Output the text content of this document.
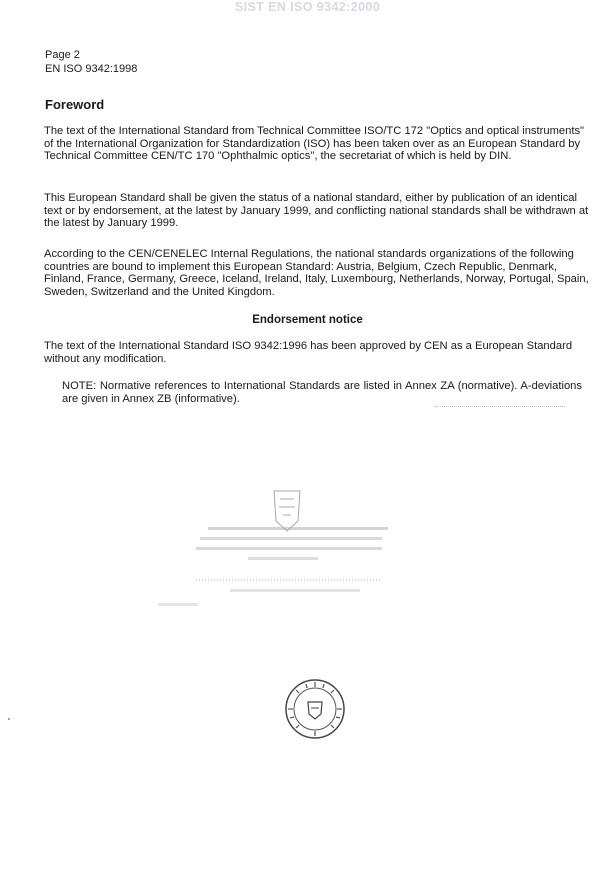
SIST EN ISO 9342:2000
Page 2
EN ISO 9342:1998
Foreword
The text of the International Standard from Technical Committee ISO/TC 172 "Optics and optical instruments" of the International Organization for Standardization (ISO) has been taken over as an European Standard by Technical Committee CEN/TC 170 "Ophthalmic optics", the secretariat of which is held by DIN.
This European Standard shall be given the status of a national standard, either by publication of an identical text or by endorsement, at the latest by January 1999, and conflicting national standards shall be withdrawn at the latest by January 1999.
According to the CEN/CENELEC Internal Regulations, the national standards organizations of the following countries are bound to implement this European Standard: Austria, Belgium, Czech Republic, Denmark, Finland, France, Germany, Greece, Iceland, Ireland, Italy, Luxembourg, Netherlands, Norway, Portugal, Spain, Sweden, Switzerland and the United Kingdom.
Endorsement notice
The text of the International Standard ISO 9342:1996 has been approved by CEN as a European Standard without any modification.
NOTE: Normative references to International Standards are listed in Annex ZA (normative). A-deviations are given in Annex ZB (informative).
